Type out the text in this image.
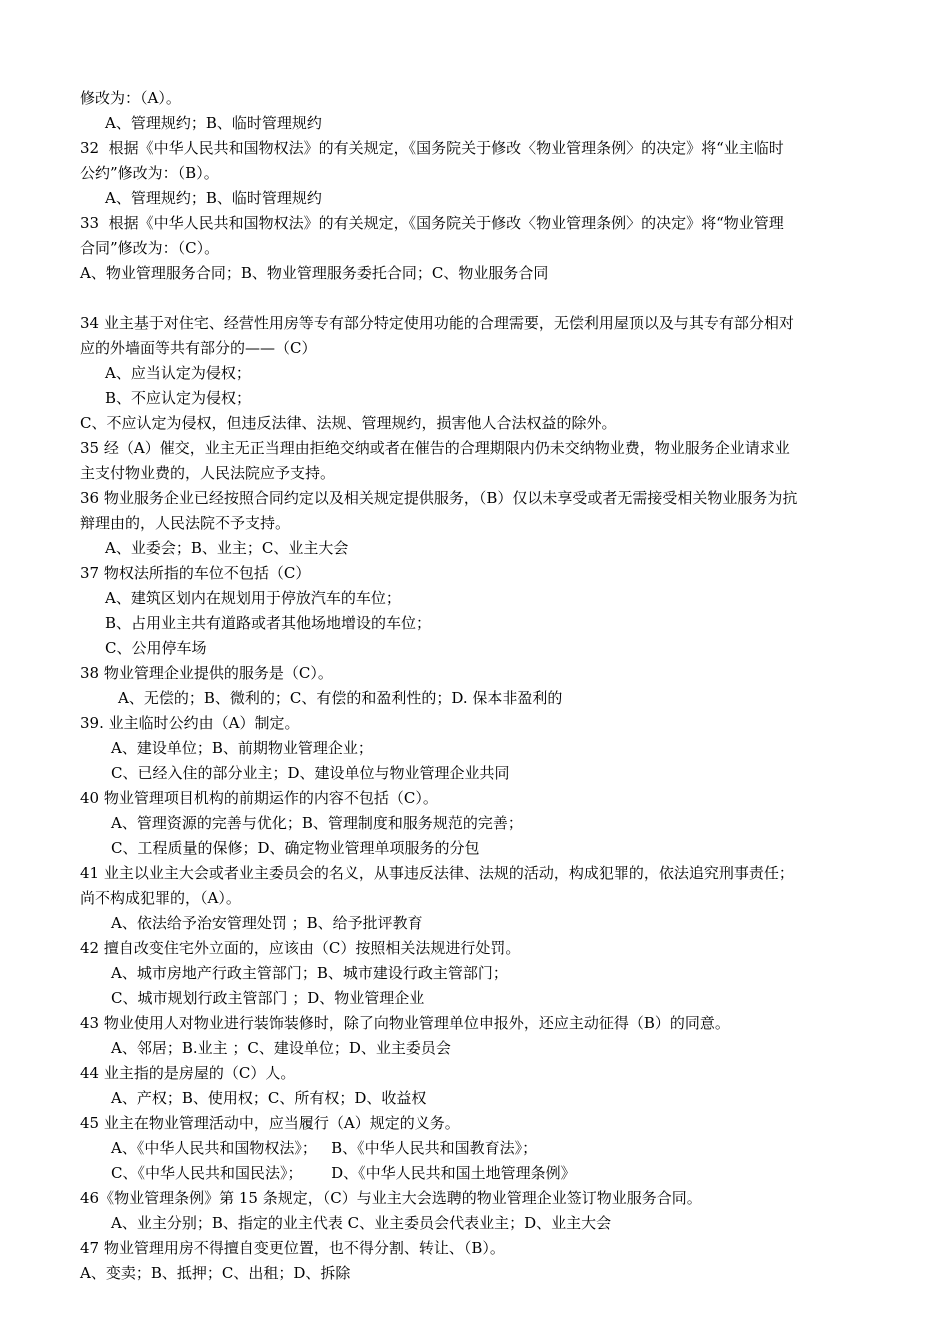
修改为：（A）。
A、管理规约；B、临时管理规约
32  根据《中华人民共和国物权法》的有关规定，《国务院关于修改〈物业管理条例〉的决定》将“业主临时
公约”修改为：（B）。
A、管理规约；B、临时管理规约
33  根据《中华人民共和国物权法》的有关规定，《国务院关于修改〈物业管理条例〉的决定》将“物业管理
合同”修改为：（C）。
A、物业管理服务合同；B、物业管理服务委托合同；C、物业服务合同
34 业主基于对住宅、经营性用房等专有部分特定使用功能的合理需要，无偿利用屋顶以及与其专有部分相对
应的外墙面等共有部分的——（C）
A、应当认定为侵权；
B、不应认定为侵权；
C、不应认定为侵权，但违反法律、法规、管理规约，损害他人合法权益的除外。
35 经（A）催交，业主无正当理由拒绝交纳或者在催告的合理期限内仍未交纳物业费，物业服务企业请求业
主支付物业费的，人民法院应予支持。
36 物业服务企业已经按照合同约定以及相关规定提供服务，（B）仅以未享受或者无需接受相关物业服务为抗
辩理由的，人民法院不予支持。
A、业委会；B、业主；C、业主大会
37 物权法所指的车位不包括（C）
A、建筑区划内在规划用于停放汽车的车位；
B、占用业主共有道路或者其他场地增设的车位；
C、公用停车场
38 物业管理企业提供的服务是（C）。
A、无偿的；B、微利的；C、有偿的和盈利性的；D. 保本非盈利的
39. 业主临时公约由（A）制定。
A、建设单位；B、前期物业管理企业；
C、已经入住的部分业主；D、建设单位与物业管理企业共同
40 物业管理项目机构的前期运作的内容不包括（C）。
A、管理资源的完善与优化；B、管理制度和服务规范的完善；
C、工程质量的保修；D、确定物业管理单项服务的分包
41 业主以业主大会或者业主委员会的名义，从事违反法律、法规的活动，构成犯罪的，依法追究刑事责任；
尚不构成犯罪的，（A）。
A、依法给予治安管理处罚 ；B、给予批评教育
42 擅自改变住宅外立面的，应该由（C）按照相关法规进行处罚。
A、城市房地产行政主管部门；B、城市建设行政主管部门；
C、城市规划行政主管部门 ；D、物业管理企业
43 物业使用人对物业进行装饰装修时，除了向物业管理单位申报外，还应主动征得（B）的同意。
A、邻居；B.业主 ；C、建设单位；D、业主委员会
44 业主指的是房屋的（C）人。
A、产权；B、使用权；C、所有权；D、收益权
45 业主在物业管理活动中，应当履行（A）规定的义务。
A、《中华人民共和国物权法》；   B、《中华人民共和国教育法》；
C、《中华人民共和国民法》；      D、《中华人民共和国土地管理条例》
46《物业管理条例》第 15 条规定，（C）与业主大会选聘的物业管理企业签订物业服务合同。
A、业主分别；B、指定的业主代表 C、业主委员会代表业主；D、业主大会
47 物业管理用房不得擅自变更位置，也不得分割、转让、（B）。
A、变卖；B、抵押；C、出租；D、拆除
